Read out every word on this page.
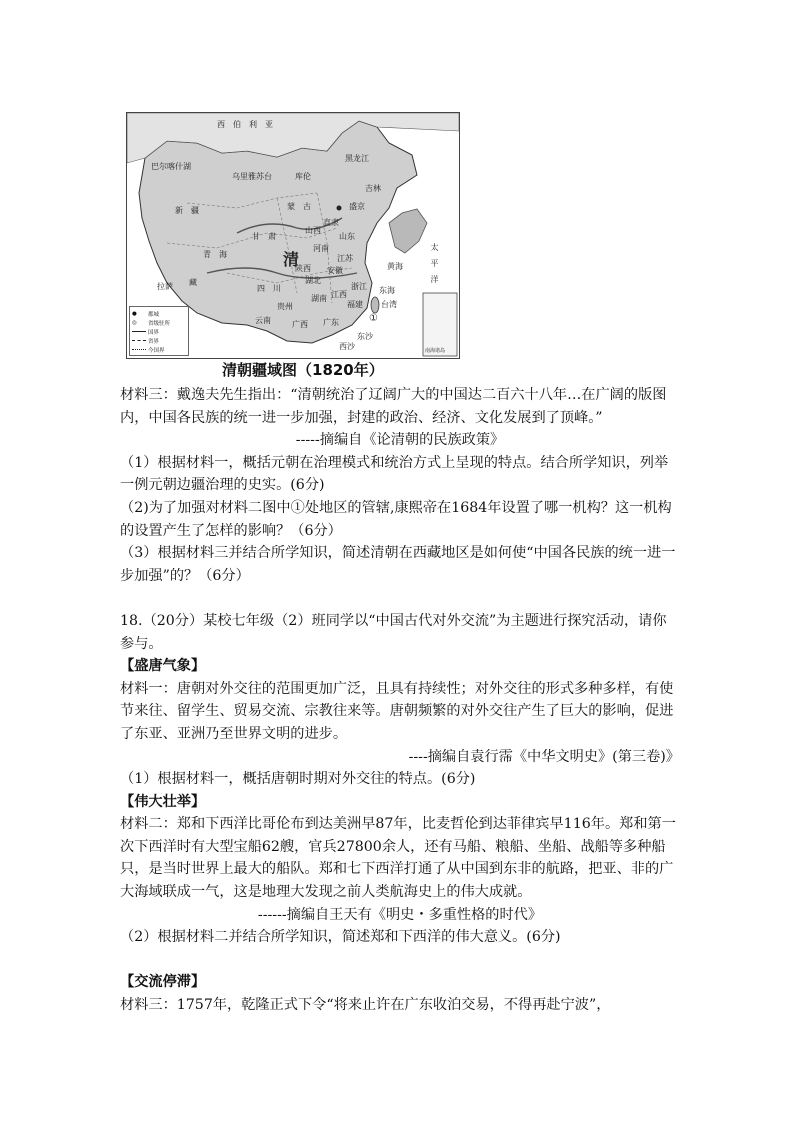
西　伯　利　亚
黑龙江
巴尔喀什湖
乌里雅苏台	库伦
吉林
蒙　古
新　疆	盛京
直隶
山东
山西
甘　肃
清
河南
陕西
江苏
青　海
安徽	黄海
湖北
四　川
藏	浙江
江西
湖南
东海
拉萨
贵州	福建 台湾
①
云南	广西 广东
东沙
西沙
太　平　洋
南海诸岛
●	都城
◎	省级驻所
国界
省界
今国界
清朝疆域图（1820年）

材料三：戴逸夫先生指出：“清朝统治了辽阔广大的中国达二百六十八年…在广阔的版图内，中国各民族的统一进一步加强，封建的政治、经济、文化发展到了顶峰。”

-----摘编自《论清朝的民族政策》

（1）根据材料一，概括元朝在治理模式和统治方式上呈现的特点。结合所学知识，列举一例元朝边疆治理的史实。(6分)

（2)为了加强对材料二图中①处地区的管辖,康熙帝在1684年设置了哪一机构？这一机构的设置产生了怎样的影响？（6分）

（3）根据材料三并结合所学知识，简述清朝在西藏地区是如何使“中国各民族的统一进一步加强”的？（6分）

18.（20分）某校七年级（2）班同学以“中国古代对外交流”为主题进行探究活动，请你参与。

【盛唐气象】

材料一：唐朝对外交往的范围更加广泛，且具有持续性；对外交往的形式多种多样，有使节来往、留学生、贸易交流、宗教往来等。唐朝频繁的对外交往产生了巨大的影响，促进了东亚、亚洲乃至世界文明的进步。

----摘编自袁行霈《中华文明史》(第三卷)》

（1）根据材料一，概括唐朝时期对外交往的特点。(6分)

【伟大壮举】

材料二：郑和下西洋比哥伦布到达美洲早87年，比麦哲伦到达菲律宾早116年。郑和第一次下西洋时有大型宝船62艘，官兵27800余人，还有马船、粮船、坐船、战船等多种船只，是当时世界上最大的船队。郑和七下西洋打通了从中国到东非的航路，把亚、非的广大海域联成一气，这是地理大发现之前人类航海史上的伟大成就。

------摘编自王天有《明史・多重性格的时代》

（2）根据材料二并结合所学知识，简述郑和下西洋的伟大意义。(6分)

【交流停滞】

材料三：1757年，乾隆正式下令“将来止许在广东收泊交易，不得再赴宁波”，
